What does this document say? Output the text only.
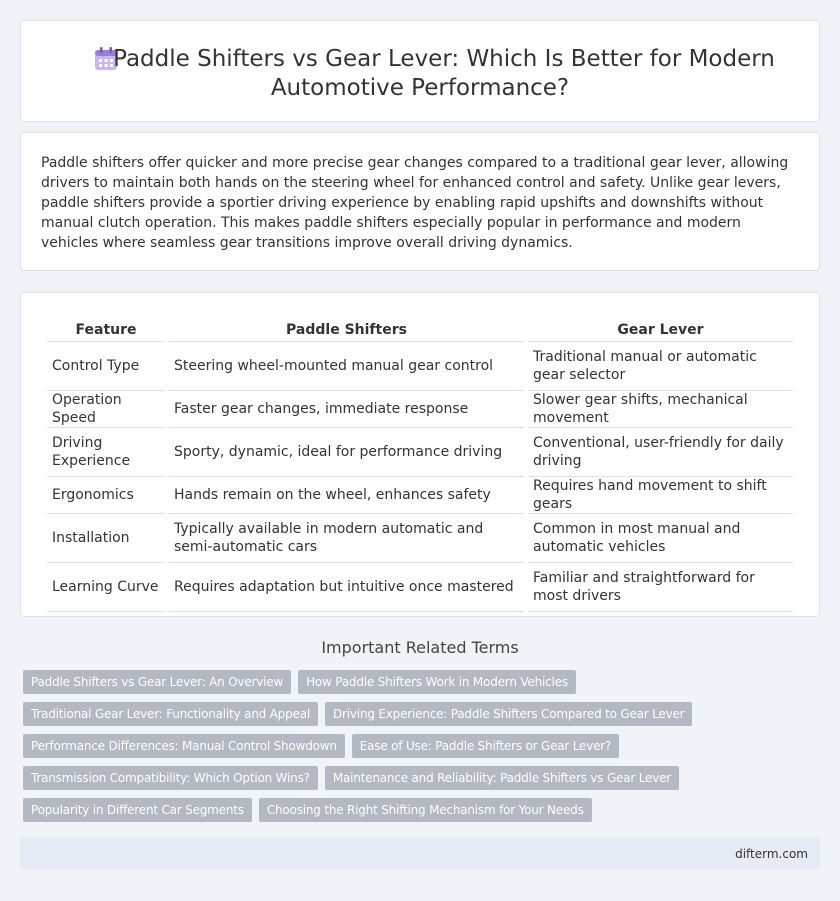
Paddle Shifters vs Gear Lever: Which Is Better for Modern
Automotive Performance?

Paddle shifters offer quicker and more precise gear changes compared to a traditional gear lever, allowing drivers to maintain both hands on the steering wheel for enhanced control and safety. Unlike gear levers, paddle shifters provide a sportier driving experience by enabling rapid upshifts and downshifts without manual clutch operation. This makes paddle shifters especially popular in performance and modern vehicles where seamless gear transitions improve overall driving dynamics.

Feature	Paddle Shifters	Gear Lever
Control Type	Steering wheel-mounted manual gear control	Traditional manual or automatic gear selector
Operation Speed	Faster gear changes, immediate response	Slower gear shifts, mechanical movement
Driving Experience	Sporty, dynamic, ideal for performance driving	Conventional, user-friendly for daily driving
Ergonomics	Hands remain on the wheel, enhances safety	Requires hand movement to shift gears
Installation	Typically available in modern automatic and semi-automatic cars	Common in most manual and automatic vehicles
Learning Curve	Requires adaptation but intuitive once mastered	Familiar and straightforward for most drivers
Important Related Terms
Paddle Shifters vs Gear Lever: An Overview	How Paddle Shifters Work in Modern Vehicles
Traditional Gear Lever: Functionality and Appeal	Driving Experience: Paddle Shifters Compared to Gear Lever
Performance Differences: Manual Control Showdown	Ease of Use: Paddle Shifters or Gear Lever?
Transmission Compatibility: Which Option Wins?	Maintenance and Reliability: Paddle Shifters vs Gear Lever
Popularity in Different Car Segments	Choosing the Right Shifting Mechanism for Your Needs
difterm.com
